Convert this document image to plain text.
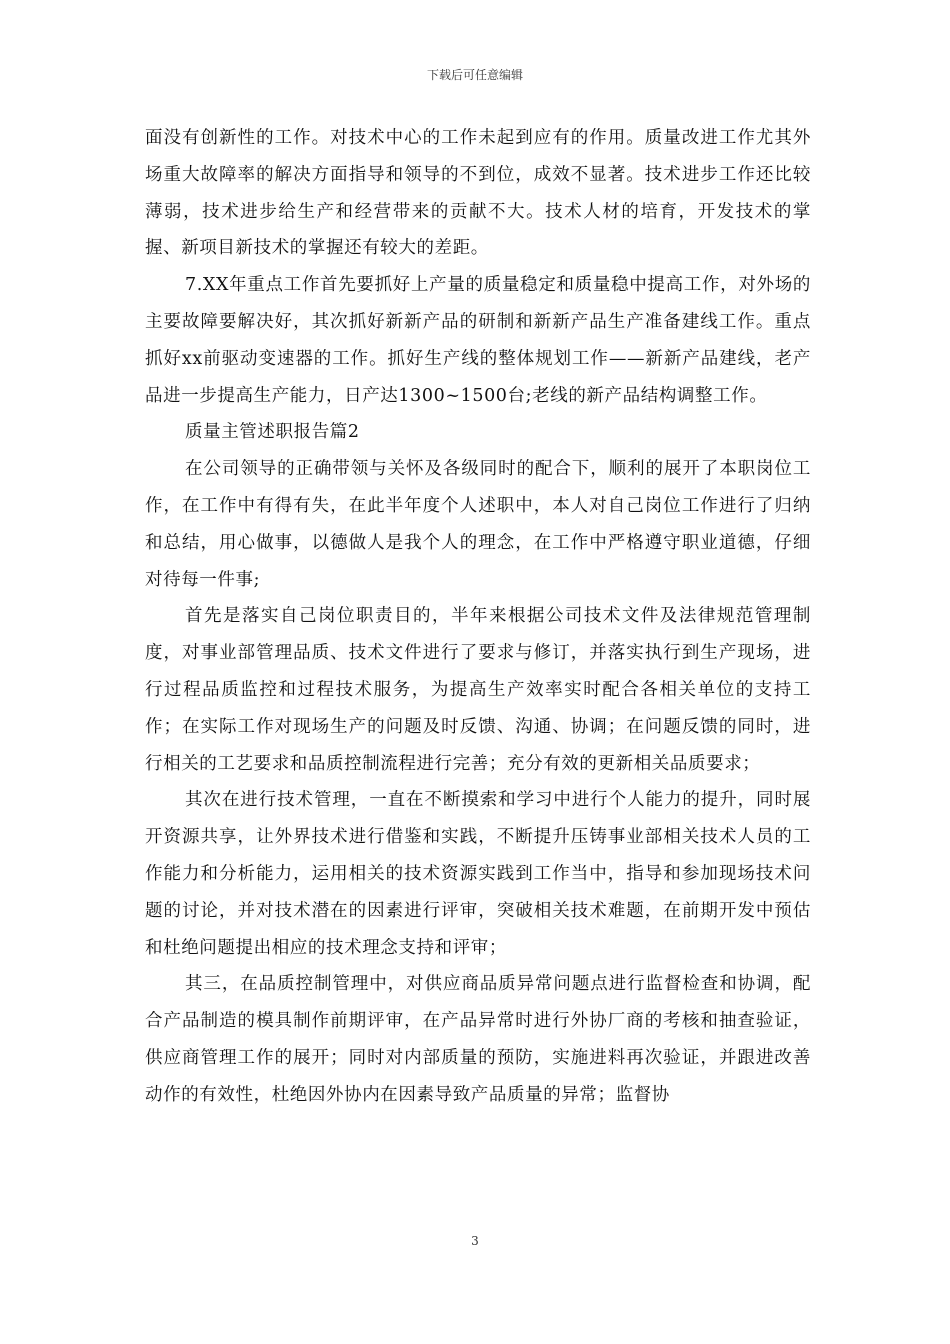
下载后可任意编辑

面没有创新性的工作。对技术中心的工作未起到应有的作用。质量改进工作尤其外场重大故障率的解决方面指导和领导的不到位，成效不显著。技术进步工作还比较薄弱，技术进步给生产和经营带来的贡献不大。技术人材的培育，开发技术的掌握、新项目新技术的掌握还有较大的差距。

7.XX年重点工作首先要抓好上产量的质量稳定和质量稳中提高工作，对外场的主要故障要解决好，其次抓好新新产品的研制和新新产品生产准备建线工作。重点抓好xx前驱动变速器的工作。抓好生产线的整体规划工作——新新产品建线，老产品进一步提高生产能力，日产达1300~1500台;老线的新产品结构调整工作。

质量主管述职报告篇2

在公司领导的正确带领与关怀及各级同时的配合下，顺利的展开了本职岗位工作，在工作中有得有失，在此半年度个人述职中，本人对自己岗位工作进行了归纳和总结，用心做事，以德做人是我个人的理念，在工作中严格遵守职业道德，仔细对待每一件事;

首先是落实自己岗位职责目的，半年来根据公司技术文件及法律规范管理制度，对事业部管理品质、技术文件进行了要求与修订，并落实执行到生产现场，进行过程品质监控和过程技术服务，为提高生产效率实时配合各相关单位的支持工作；在实际工作对现场生产的问题及时反馈、沟通、协调；在问题反馈的同时，进行相关的工艺要求和品质控制流程进行完善；充分有效的更新相关品质要求；

其次在进行技术管理，一直在不断摸索和学习中进行个人能力的提升，同时展开资源共享，让外界技术进行借鉴和实践，不断提升压铸事业部相关技术人员的工作能力和分析能力，运用相关的技术资源实践到工作当中，指导和参加现场技术问题的讨论，并对技术潜在的因素进行评审，突破相关技术难题，在前期开发中预估和杜绝问题提出相应的技术理念支持和评审；

其三，在品质控制管理中，对供应商品质异常问题点进行监督检查和协调，配合产品制造的模具制作前期评审，在产品异常时进行外协厂商的考核和抽查验证，供应商管理工作的展开；同时对内部质量的预防，实施进料再次验证，并跟进改善动作的有效性，杜绝因外协内在因素导致产品质量的异常；监督协

3
